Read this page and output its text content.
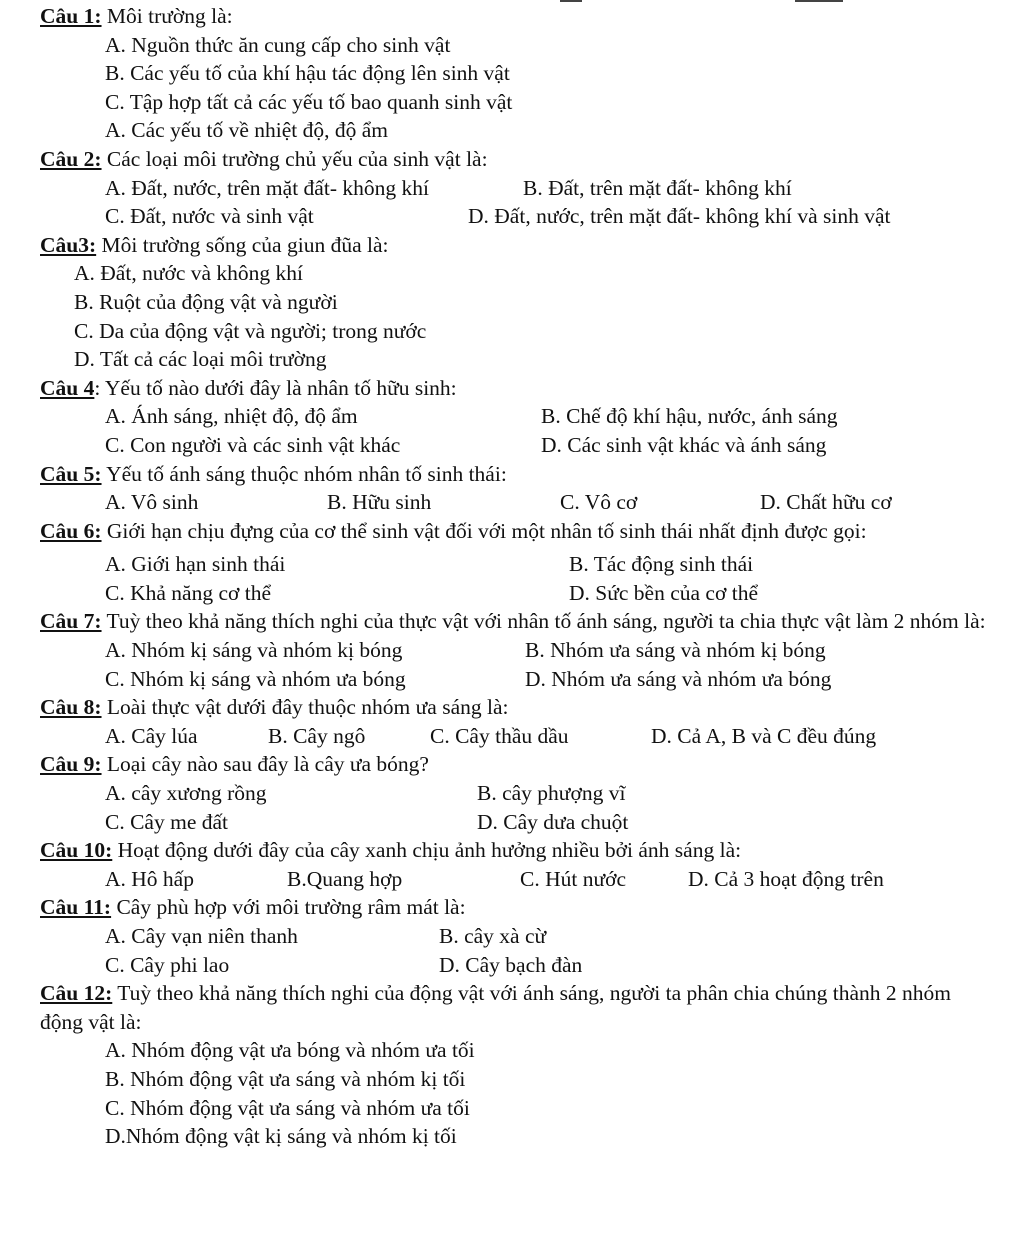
Câu 1: Môi trường là:
A. Nguồn thức ăn cung cấp cho sinh vật
B. Các yếu tố của khí hậu tác động lên sinh vật
C. Tập hợp tất cả các yếu tố bao quanh sinh vật
A. Các yếu tố về nhiệt độ, độ ẩm
Câu 2: Các loại môi trường chủ yếu của sinh vật là:
A. Đất, nước, trên mặt đất- không khí	B. Đất, trên mặt đất- không khí
C. Đất, nước và sinh vật	D. Đất, nước, trên mặt đất- không khí và sinh vật
Câu3: Môi trường sống của giun đũa là:
A. Đất, nước và không khí
B. Ruột của động vật và người
C. Da của động vật và người; trong nước
D. Tất cả các loại môi trường
Câu 4: Yếu tố nào dưới đây là nhân tố hữu sinh:
A. Ánh sáng, nhiệt độ, độ ẩm	B. Chế độ khí hậu, nước, ánh sáng
C. Con người và các sinh vật khác	D. Các sinh vật khác và ánh sáng
Câu 5: Yếu tố ánh sáng thuộc nhóm nhân tố sinh thái:
A. Vô sinh	B. Hữu sinh	C. Vô cơ	D. Chất hữu cơ
Câu 6: Giới hạn chịu đựng của cơ thể sinh vật đối với một nhân tố sinh thái nhất định được gọi:
A. Giới hạn sinh thái	B. Tác động sinh thái
C. Khả năng cơ thể	D. Sức bền của cơ thể
Câu 7: Tuỳ theo khả năng thích nghi của thực vật với nhân tố ánh sáng, người ta chia thực vật làm 2 nhóm là:
A. Nhóm kị sáng và nhóm kị bóng	B. Nhóm ưa sáng và nhóm kị bóng
C. Nhóm kị sáng và nhóm ưa bóng	D. Nhóm ưa sáng và nhóm ưa bóng
Câu 8: Loài thực vật dưới đây thuộc nhóm ưa sáng là:
A. Cây lúa	B. Cây ngô	C. Cây thầu dầu	D. Cả A, B và C đều đúng
Câu 9: Loại cây nào sau đây là cây ưa bóng?
A. cây xương rồng	B. cây phượng vĩ
C. Cây me đất	D. Cây dưa chuột
Câu 10: Hoạt động dưới đây của cây xanh chịu ảnh hưởng nhiều bởi ánh sáng là:
A. Hô hấp	B.Quang hợp	C. Hút nước	D. Cả 3 hoạt động trên
Câu 11: Cây phù hợp với môi trường râm mát là:
A. Cây vạn niên thanh	B. cây xà cừ
C. Cây phi lao	D. Cây bạch đàn
Câu 12: Tuỳ theo khả năng thích nghi của động vật với ánh sáng, người ta phân chia chúng thành 2 nhóm động vật là:
A. Nhóm động vật ưa bóng và nhóm ưa tối
B. Nhóm động vật ưa sáng và nhóm kị tối
C. Nhóm động vật ưa sáng và nhóm ưa tối
D.Nhóm động vật kị sáng và nhóm kị tối
